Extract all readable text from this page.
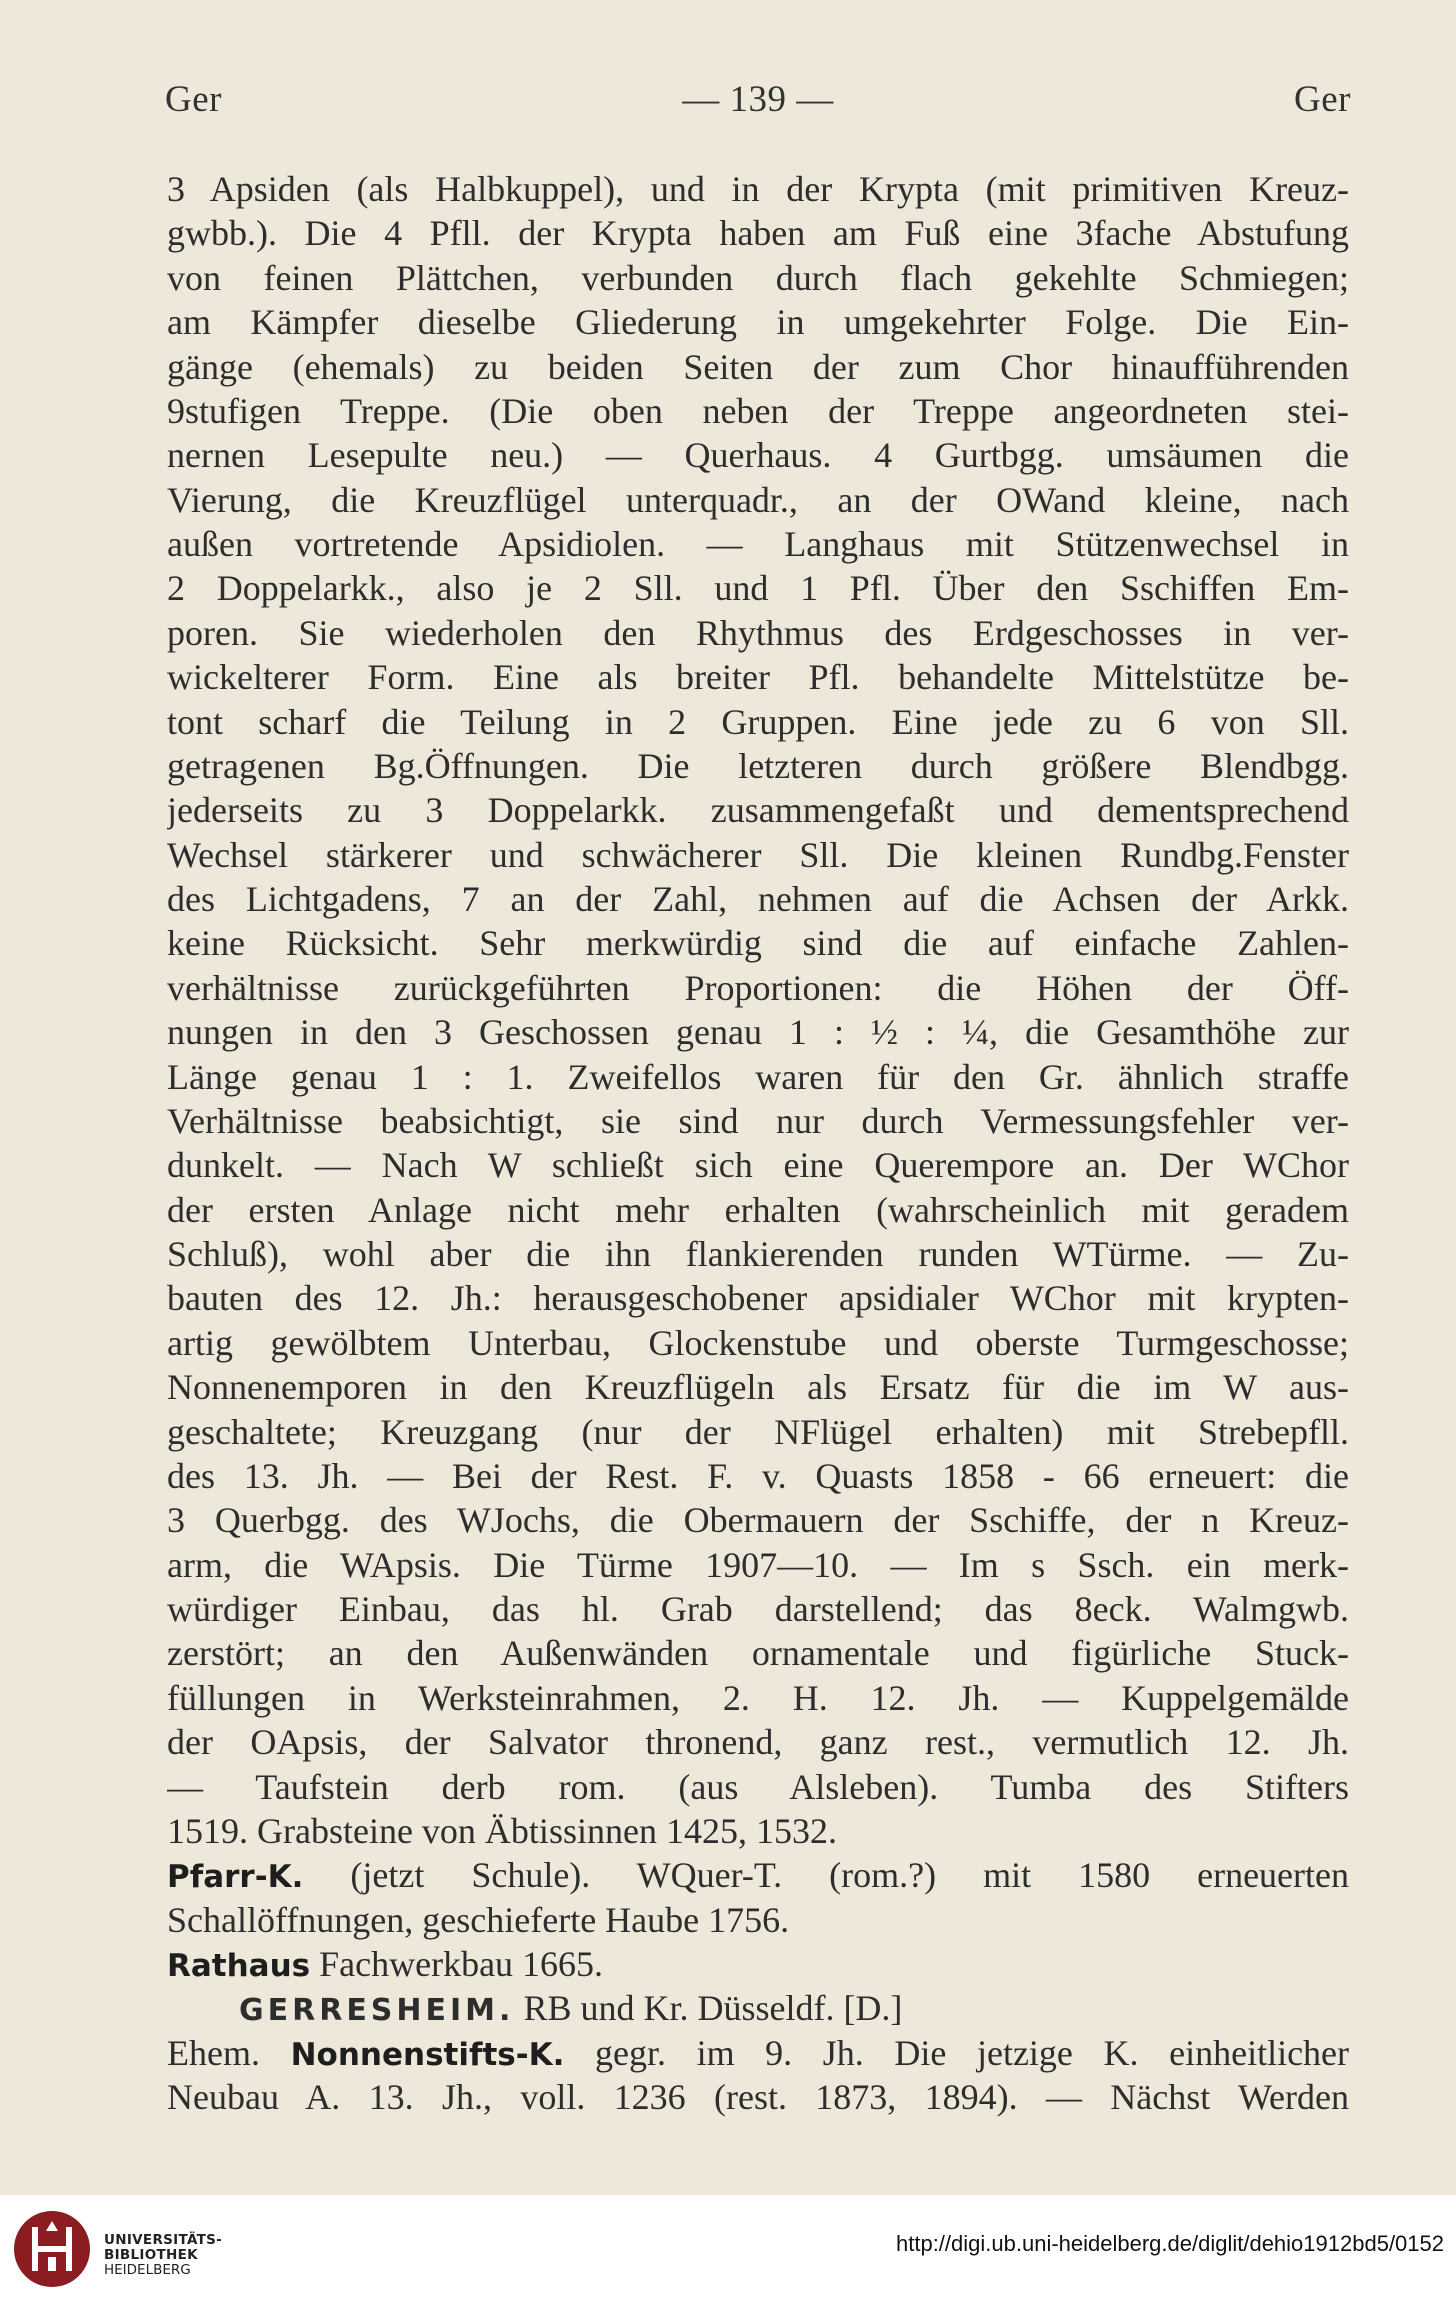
Ger	— 139 —	Ger
3 Apsiden (als Halbkuppel), und in der Krypta (mit primitiven Kreuz-
gwbb.). Die 4 Pfll. der Krypta haben am Fuß eine 3fache Abstufung
von feinen Plättchen, verbunden durch flach gekehlte Schmiegen;
am Kämpfer dieselbe Gliederung in umgekehrter Folge. Die Ein-
gänge (ehemals) zu beiden Seiten der zum Chor hinaufführenden
9stufigen Treppe. (Die oben neben der Treppe angeordneten stei-
nernen Lesepulte neu.) — Querhaus. 4 Gurtbgg. umsäumen die
Vierung, die Kreuzflügel unterquadr., an der OWand kleine, nach
außen vortretende Apsidiolen. — Langhaus mit Stützenwechsel in
2 Doppelarkk., also je 2 Sll. und 1 Pfl. Über den Sschiffen Em-
poren. Sie wiederholen den Rhythmus des Erdgeschosses in ver-
wickelterer Form. Eine als breiter Pfl. behandelte Mittelstütze be-
tont scharf die Teilung in 2 Gruppen. Eine jede zu 6 von Sll.
getragenen Bg.Öffnungen. Die letzteren durch größere Blendbgg.
jederseits zu 3 Doppelarkk. zusammengefaßt und dementsprechend
Wechsel stärkerer und schwächerer Sll. Die kleinen Rundbg.Fenster
des Lichtgadens, 7 an der Zahl, nehmen auf die Achsen der Arkk.
keine Rücksicht. Sehr merkwürdig sind die auf einfache Zahlen-
verhältnisse zurückgeführten Proportionen: die Höhen der Öff-
nungen in den 3 Geschossen genau 1 : ½ : ¼, die Gesamthöhe zur
Länge genau 1 : 1. Zweifellos waren für den Gr. ähnlich straffe
Verhältnisse beabsichtigt, sie sind nur durch Vermessungsfehler ver-
dunkelt. — Nach W schließt sich eine Querempore an. Der WChor
der ersten Anlage nicht mehr erhalten (wahrscheinlich mit geradem
Schluß), wohl aber die ihn flankierenden runden WTürme. — Zu-
bauten des 12. Jh.: herausgeschobener apsidialer WChor mit krypten-
artig gewölbtem Unterbau, Glockenstube und oberste Turmgeschosse;
Nonnenemporen in den Kreuzflügeln als Ersatz für die im W aus-
geschaltete; Kreuzgang (nur der NFlügel erhalten) mit Strebepfll.
des 13. Jh. — Bei der Rest. F. v. Quasts 1858 - 66 erneuert: die
3 Querbgg. des WJochs, die Obermauern der Sschiffe, der n Kreuz-
arm, die WApsis. Die Türme 1907—10. — Im s Ssch. ein merk-
würdiger Einbau, das hl. Grab darstellend; das 8eck. Walmgwb.
zerstört; an den Außenwänden ornamentale und figürliche Stuck-
füllungen in Werksteinrahmen, 2. H. 12. Jh. — Kuppelgemälde
der OApsis, der Salvator thronend, ganz rest., vermutlich 12. Jh.
— Taufstein derb rom. (aus Alsleben). Tumba des Stifters
1519. Grabsteine von Äbtissinnen 1425, 1532.
Pfarr-K. (jetzt Schule). WQuer-T. (rom.?) mit 1580 erneuerten
Schallöffnungen, geschieferte Haube 1756.
Rathaus Fachwerkbau 1665.
GERRESHEIM. RB und Kr. Düsseldf. [D.]
Ehem. Nonnenstifts-K. gegr. im 9. Jh. Die jetzige K. einheitlicher
Neubau A. 13. Jh., voll. 1236 (rest. 1873, 1894). — Nächst Werden
UNIVERSITÄTS-
BIBLIOTHEK
HEIDELBERG
http://digi.ub.uni-heidelberg.de/diglit/dehio1912bd5/0152
